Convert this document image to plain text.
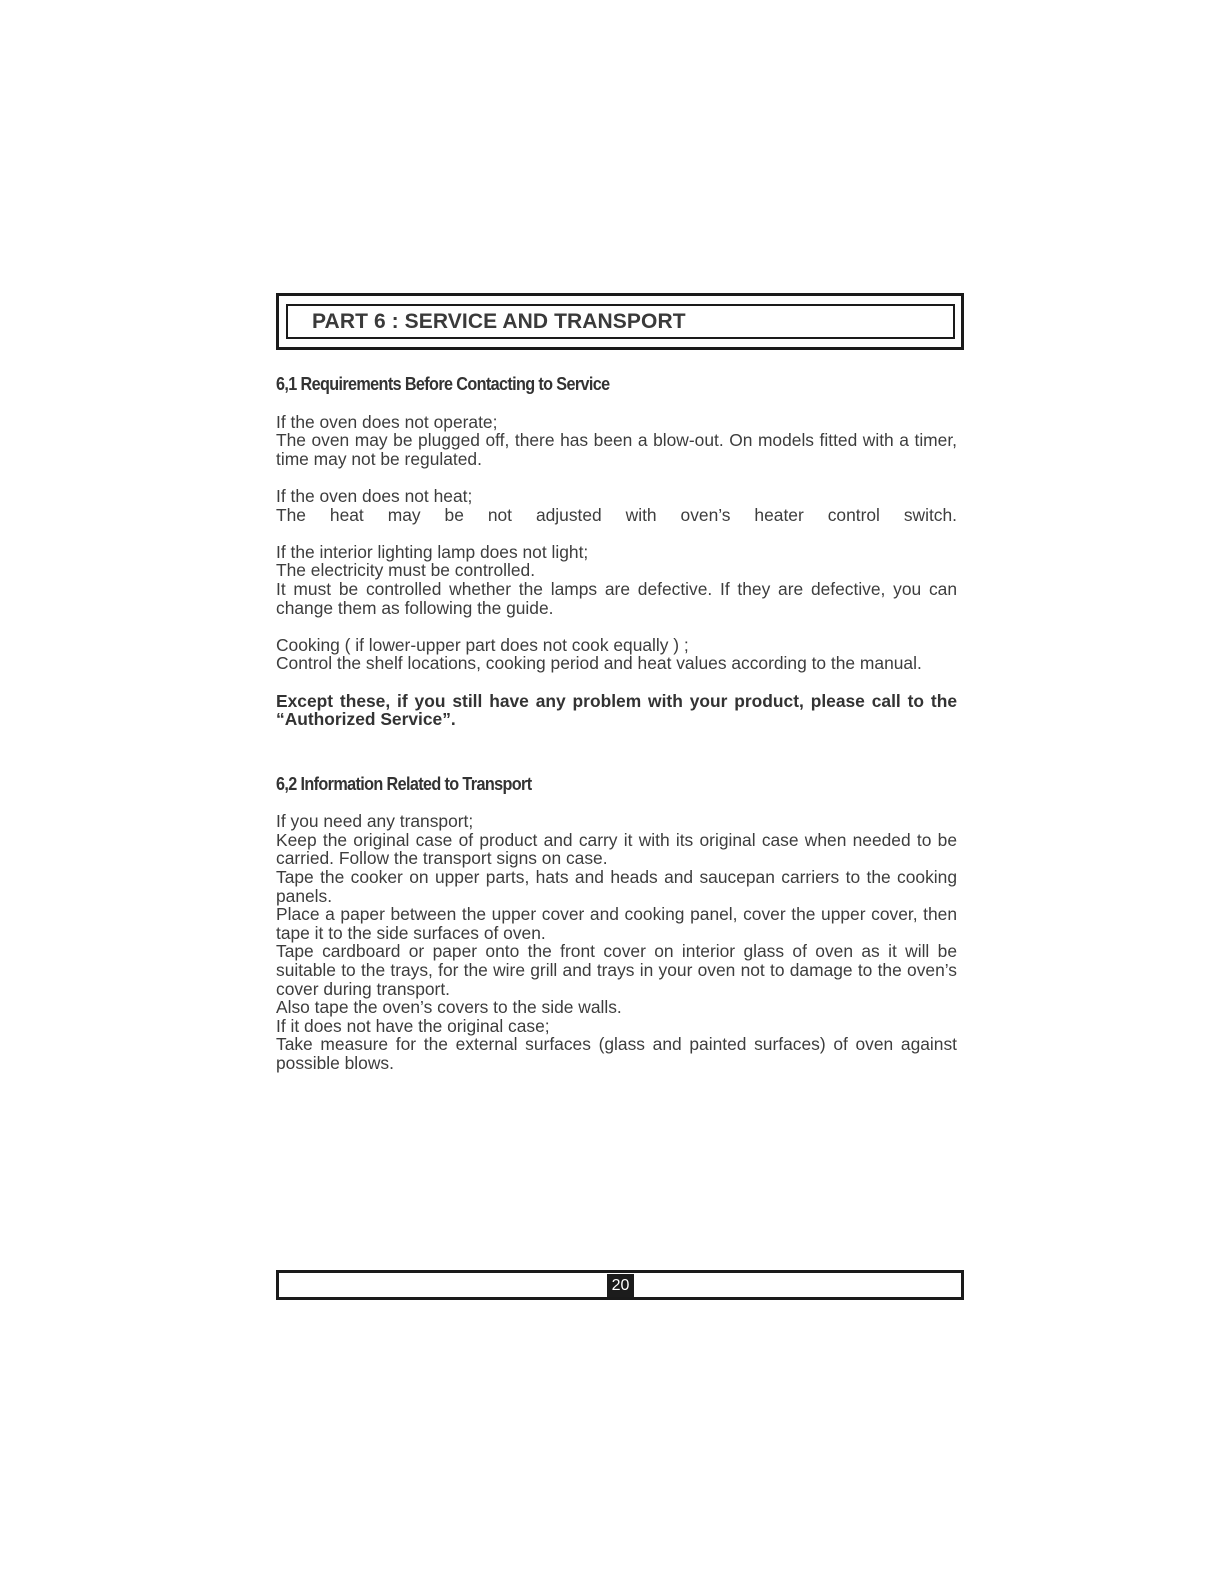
PART 6 : SERVICE AND TRANSPORT
6,1 Requirements Before Contacting to Service
If the oven does not operate;
The oven may be plugged off, there has been a blow-out. On models fitted with a timer, time may not be regulated.
If the oven does not heat;
The heat may be not adjusted with oven’s heater control switch.
If the interior lighting lamp does not light;
The electricity must be controlled.
It must be controlled whether the lamps are defective. If they are defective, you can change them as following the guide.
Cooking ( if lower-upper part does not cook equally ) ;
Control the shelf locations, cooking period and heat values according to the manual.
Except these, if you still have any problem with your product, please call to the “Authorized Service”.
6,2 Information Related to Transport
If you need any transport;
Keep the original case of product and carry it with its original case when needed to be carried. Follow the transport signs on case.
Tape the cooker on upper parts, hats and heads and saucepan carriers to the cooking panels.
Place a paper between the upper cover and cooking panel, cover the upper cover, then tape it to the side surfaces of oven.
Tape cardboard or paper onto the front cover on interior glass of oven as it will be suitable to the trays, for the wire grill and trays in your oven not to damage to the oven’s cover during transport.
Also tape the oven’s covers to the side walls.
If it does not have the original case;
Take measure for the external surfaces (glass and painted surfaces) of oven against possible blows.
20
